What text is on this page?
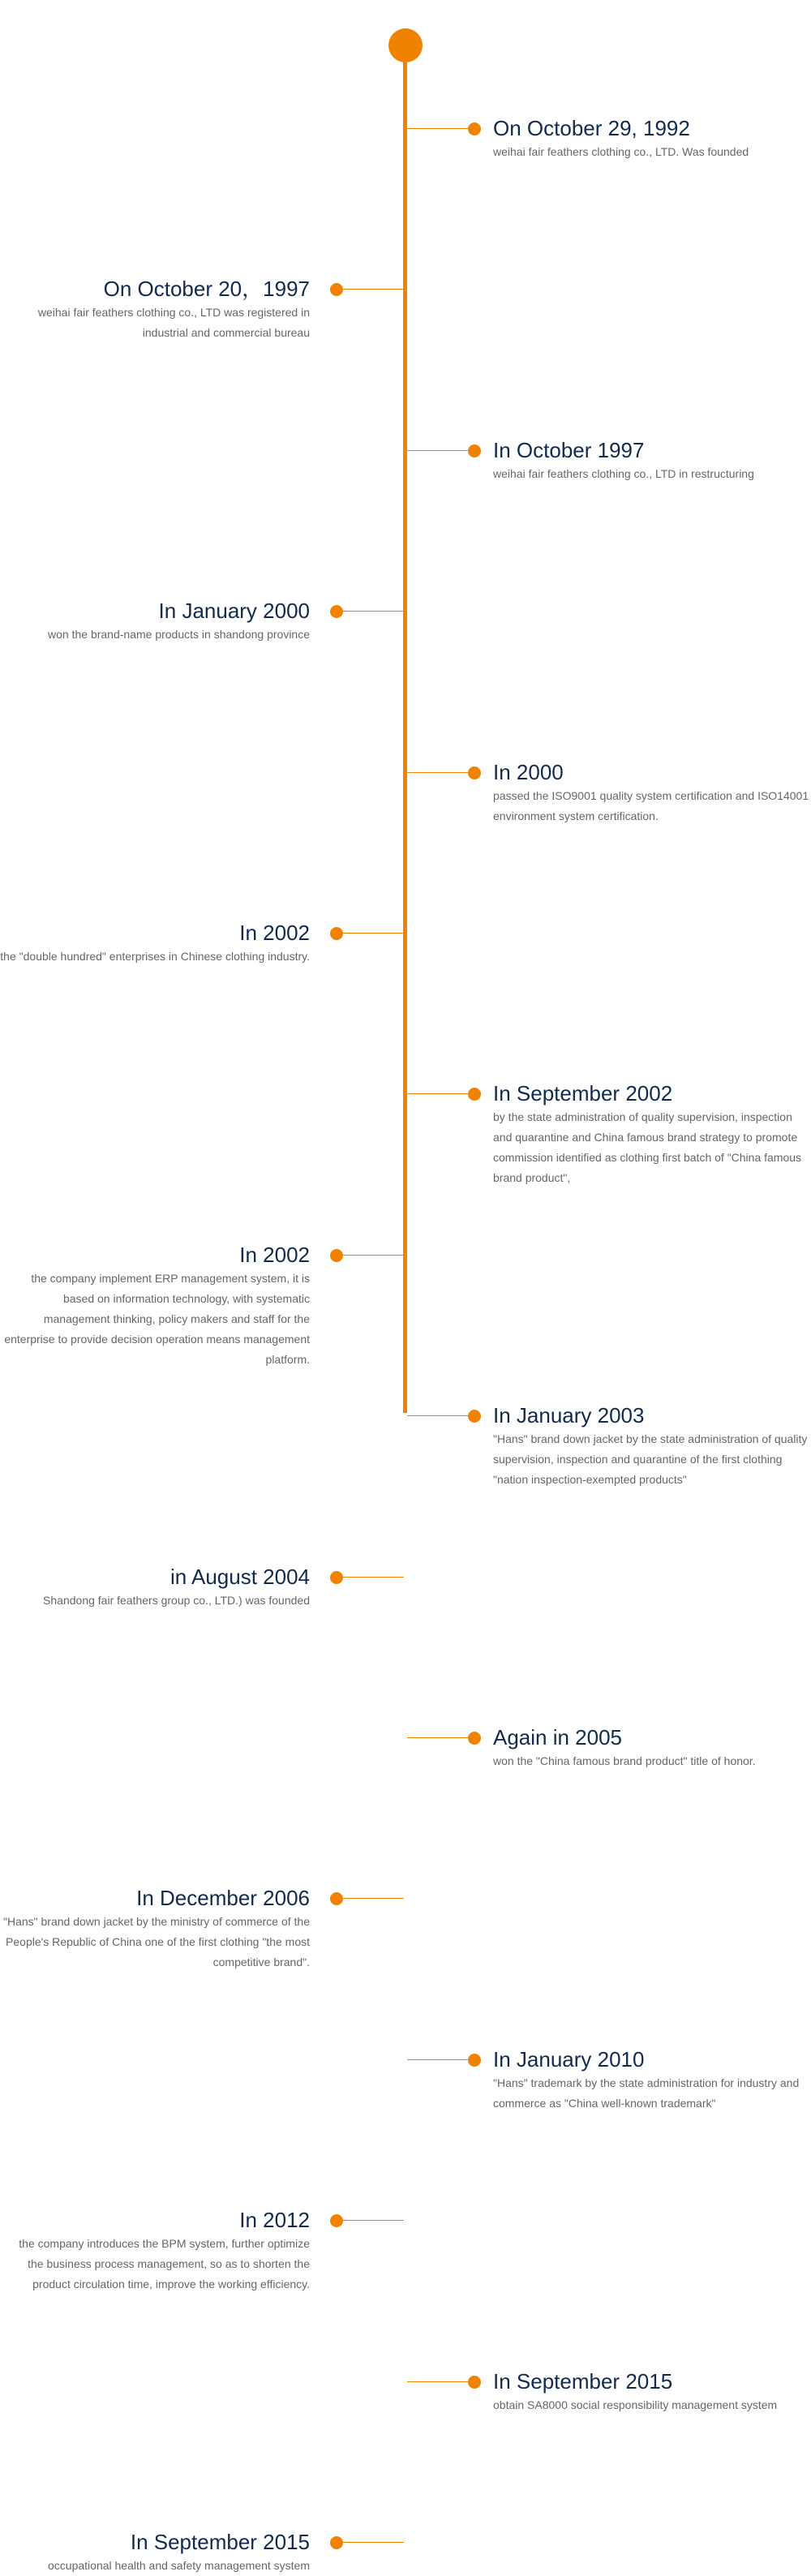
On October 29, 1992

weihai fair feathers clothing co., LTD. Was founded

On October 20，1997

weihai fair feathers clothing co., LTD was registered in industrial and commercial bureau

In October 1997

weihai fair feathers clothing co., LTD in restructuring

In January 2000

won the brand-name products in shandong province

In 2000

passed the ISO9001 quality system certification and ISO14001 environment system certification.

In 2002

the "double hundred" enterprises in Chinese clothing industry.

In September 2002

by the state administration of quality supervision, inspection and quarantine and China famous brand strategy to promote commission identified as clothing first batch of "China famous brand product",

In 2002

the company implement ERP management system, it is based on information technology, with systematic management thinking, policy makers and staff for the enterprise to provide decision operation means management platform.

In January 2003

"Hans" brand down jacket by the state administration of quality supervision, inspection and quarantine of the first clothing "nation inspection-exempted products"

in August 2004

Shandong fair feathers group co., LTD.) was founded

Again in 2005

won the "China famous brand product" title of honor.

In December 2006

"Hans" brand down jacket by the ministry of commerce of the People's Republic of China one of the first clothing "the most competitive brand".

In January 2010

"Hans" trademark by the state administration for industry and commerce as "China well-known trademark"

In 2012

the company introduces the BPM system, further optimize the business process management, so as to shorten the product circulation time, improve the working efficiency.

In September 2015

obtain SA8000 social responsibility management system

In September 2015

occupational health and safety management system
